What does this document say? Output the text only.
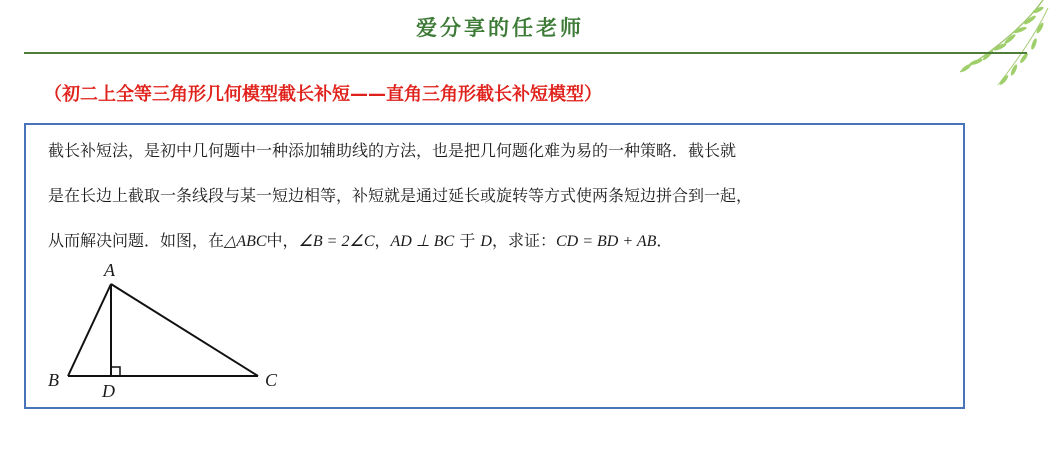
爱分享的任老师
（初二上全等三角形几何模型截长补短——直角三角形截长补短模型）
截长补短法，是初中几何题中一种添加辅助线的方法，也是把几何题化难为易的一种策略．截长就
是在长边上截取一条线段与某一短边相等，补短就是通过延长或旋转等方式使两条短边拼合到一起，
从而解决问题．如图，在△ABC中，∠B = 2∠C，AD ⊥ BC 于 D，求证：CD = BD + AB．
A
B	C
D
